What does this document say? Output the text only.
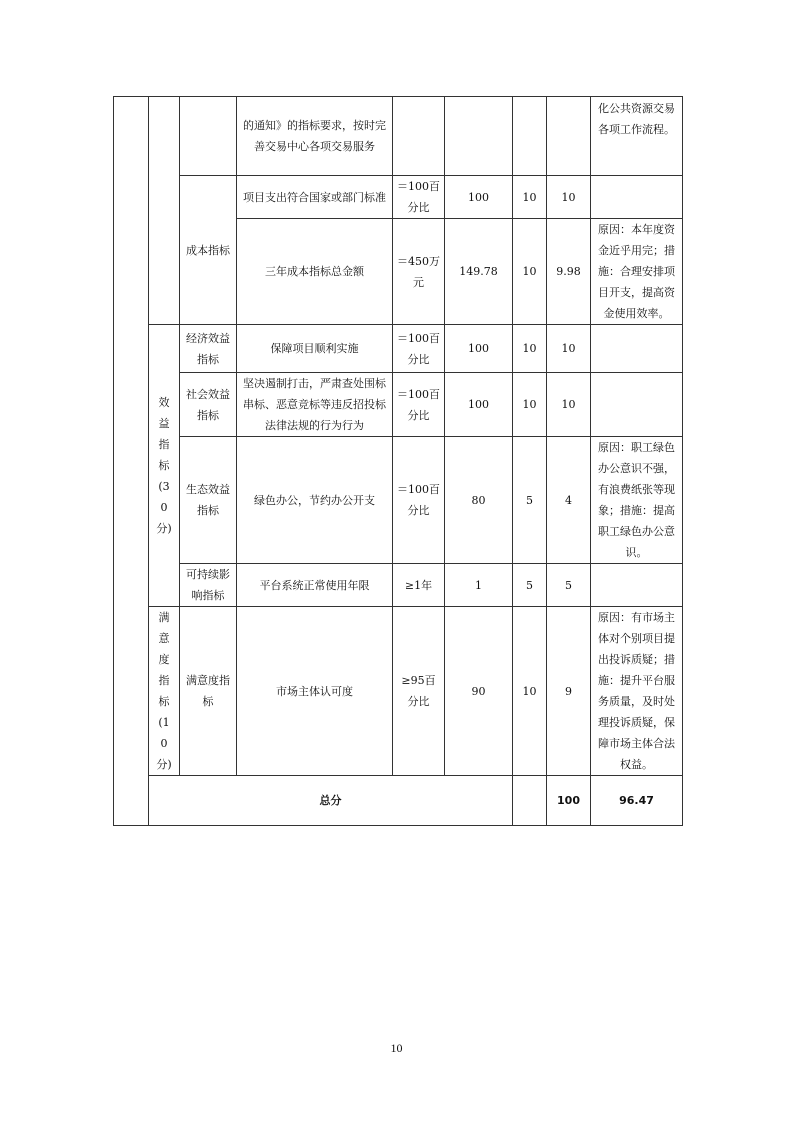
			的通知》的指标要求，按时完善交易中心各项交易服务					化公共资源交易各项工作流程。	
		成本指标	项目支出符合国家或部门标准	＝100百分比	100	10	10		
			三年成本指标总金额	＝450万元	149.78	10	9.98	原因：本年度资金近乎用完；措施：合理安排项目开支，提高资金使用效率。	
	效益指标(30分)	经济效益指标	保障项目顺利实施	＝100百分比	100	10	10		
		社会效益指标	坚决遏制打击，严肃查处围标串标、恶意竞标等违反招投标法律法规的行为行为	＝100百分比	100	10	10		
		生态效益指标	绿色办公，节约办公开支	＝100百分比	80	5	4	原因：职工绿色办公意识不强，有浪费纸张等现象；措施：提高职工绿色办公意识。	
		可持续影响指标	平台系统正常使用年限	≥1年	1	5	5		
	满意度指标(10分)	满意度指标	市场主体认可度	≥95百分比	90	10	9	原因：有市场主体对个别项目提出投诉质疑；措施：提升平台服务质量，及时处理投诉质疑，保障市场主体合法权益。	
	总分						100	96.47	
10
